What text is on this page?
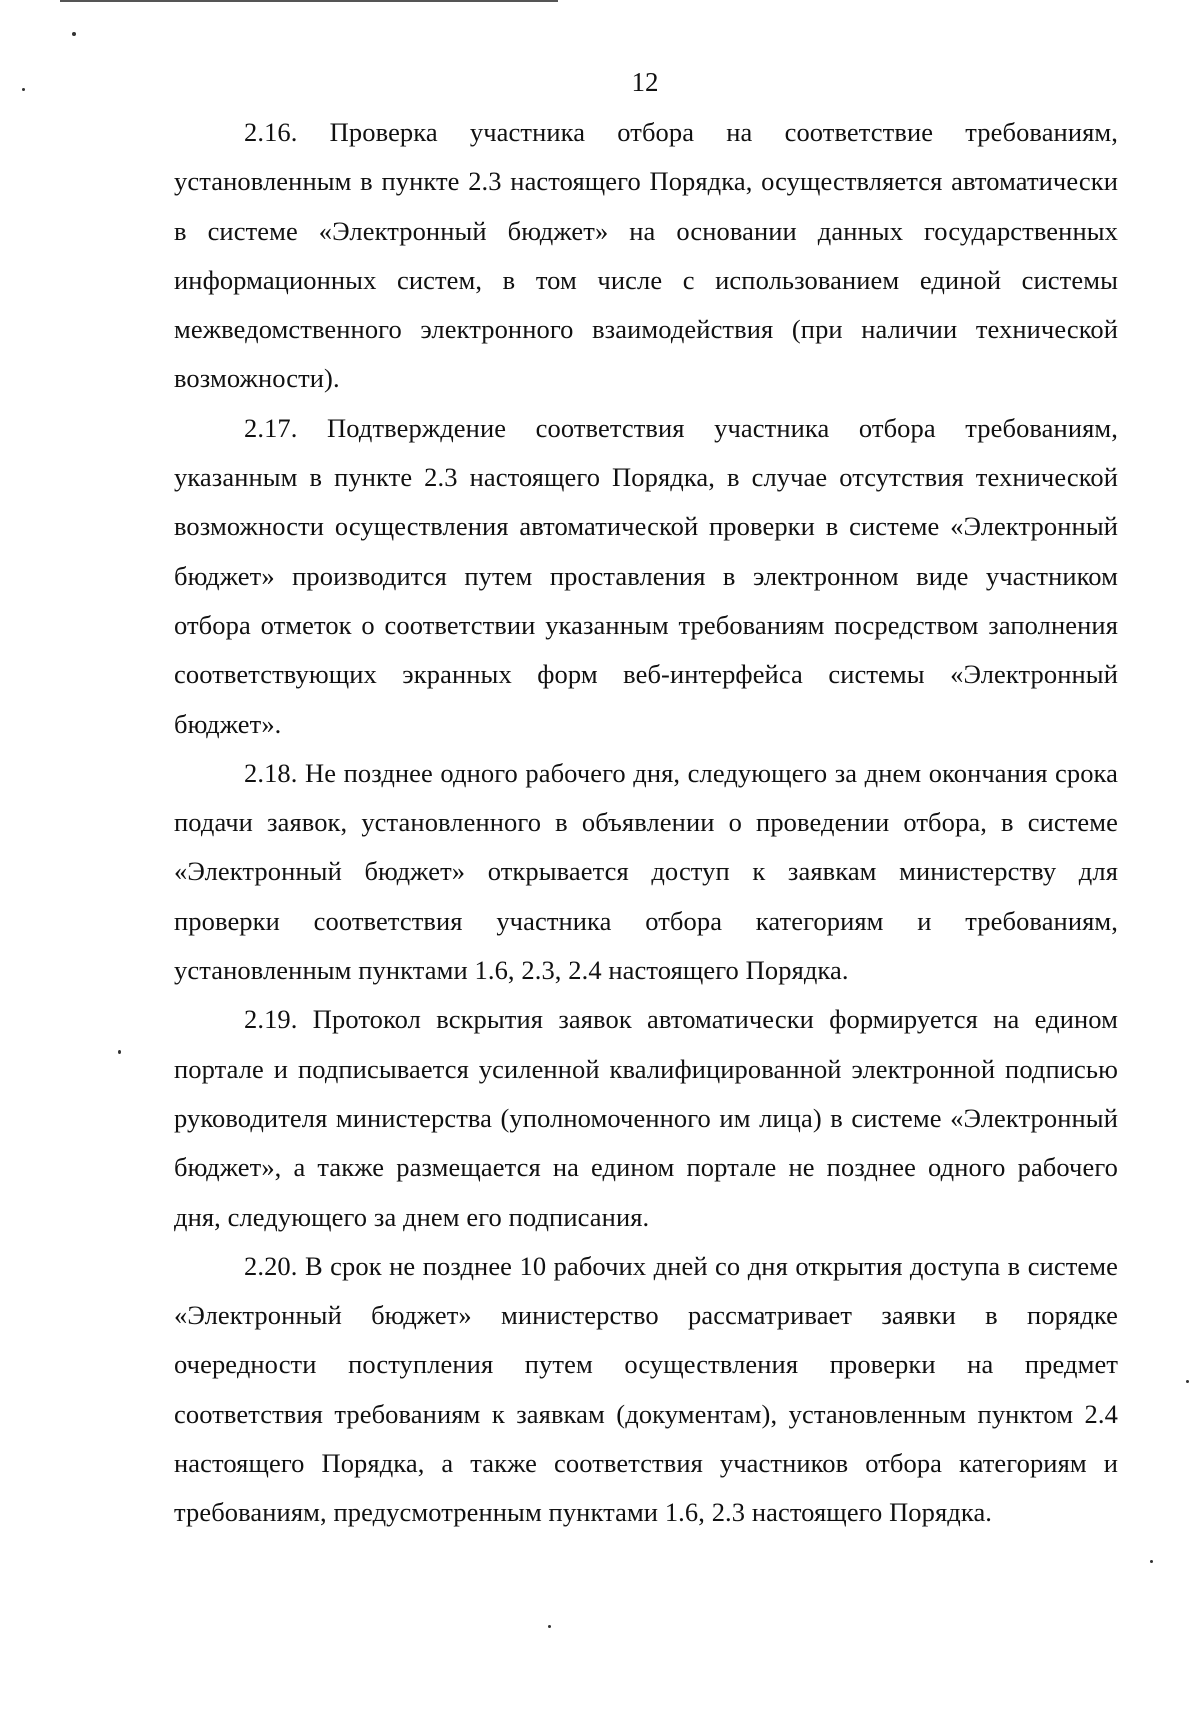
12

2.16. Проверка участника отбора на соответствие требованиям, установленным в пункте 2.3 настоящего Порядка, осуществляется автоматически в системе «Электронный бюджет» на основании данных государственных информационных систем, в том числе с использованием единой системы межведомственного электронного взаимодействия (при наличии технической возможности).

2.17. Подтверждение соответствия участника отбора требованиям, указанным в пункте 2.3 настоящего Порядка, в случае отсутствия технической возможности осуществления автоматической проверки в системе «Электронный бюджет» производится путем проставления в электронном виде участником отбора отметок о соответствии указанным требованиям посредством заполнения соответствующих экранных форм веб-интерфейса системы «Электронный бюджет».

2.18. Не позднее одного рабочего дня, следующего за днем окончания срока подачи заявок, установленного в объявлении о проведении отбора, в системе «Электронный бюджет» открывается доступ к заявкам министерству для проверки соответствия участника отбора категориям и требованиям, установленным пунктами 1.6, 2.3, 2.4 настоящего Порядка.

2.19. Протокол вскрытия заявок автоматически формируется на едином портале и подписывается усиленной квалифицированной электронной подписью руководителя министерства (уполномоченного им лица) в системе «Электронный бюджет», а также размещается на едином портале не позднее одного рабочего дня, следующего за днем его подписания.

2.20. В срок не позднее 10 рабочих дней со дня открытия доступа в системе «Электронный бюджет» министерство рассматривает заявки в порядке очередности поступления путем осуществления проверки на предмет соответствия требованиям к заявкам (документам), установленным пунктом 2.4 настоящего Порядка, а также соответствия участников отбора категориям и требованиям, предусмотренным пунктами 1.6, 2.3 настоящего Порядка.
